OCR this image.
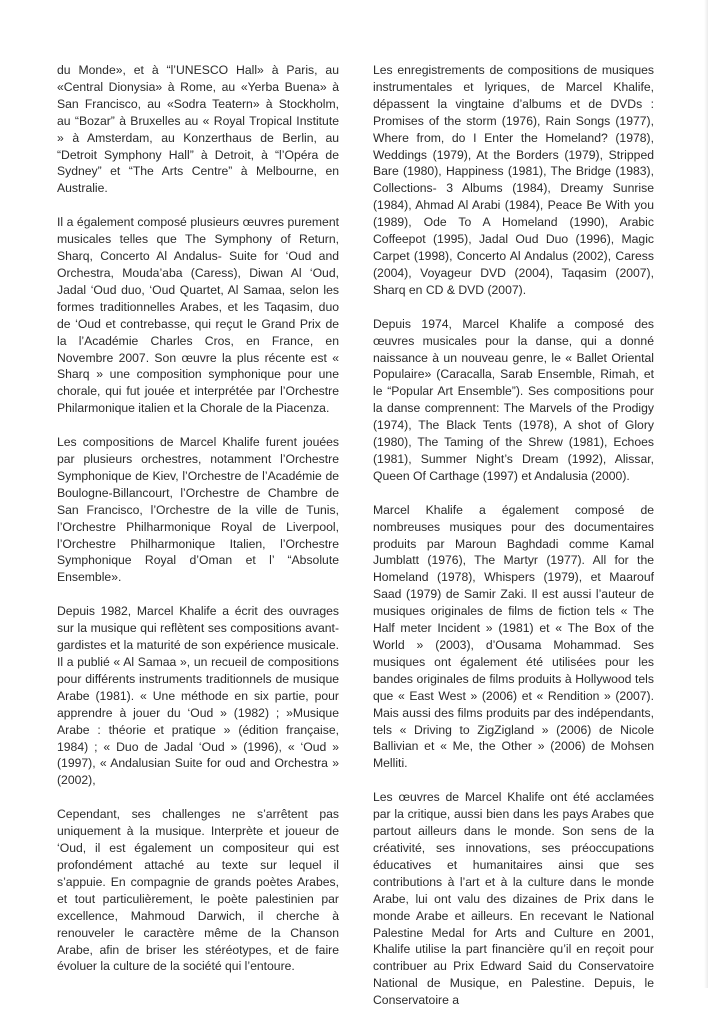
du Monde», et à “l’UNESCO Hall» à Paris, au «Central Dionysia» à Rome, au «Yerba Buena» à San Francisco, au «Sodra Teatern» à Stockholm, au “Bozar” à Bruxelles au « Royal Tropical Institute » à Amsterdam, au Konzerthaus de Berlin, au “Detroit Symphony Hall” à Detroit, à “l’Opéra de Sydney” et “The Arts Centre” à Melbourne, en Australie.

Il a également composé plusieurs œuvres purement musicales telles que The Symphony of Return, Sharq, Concerto Al Andalus- Suite for ‘Oud and Orchestra, Mouda’aba (Caress), Diwan Al ‘Oud, Jadal ‘Oud duo, ‘Oud Quartet, Al Samaa, selon les formes traditionnelles Arabes, et les Taqasim, duo de ‘Oud et contrebasse, qui reçut le Grand Prix de la l’Académie Charles Cros, en France, en Novembre 2007. Son œuvre la plus récente est « Sharq » une composition symphonique pour une chorale, qui fut jouée et interprétée par l’Orchestre Philarmonique italien et la Chorale de la Piacenza.

Les compositions de Marcel Khalife furent jouées par plusieurs orchestres, notamment l’Orchestre Symphonique de Kiev, l’Orchestre de l’Académie de Boulogne-Billancourt, l’Orchestre de Chambre de San Francisco, l’Orchestre de la ville de Tunis, l’Orchestre Philharmonique Royal de Liverpool, l’Orchestre Philharmonique Italien, l’Orchestre Symphonique Royal d’Oman et l’ “Absolute Ensemble».

Depuis 1982, Marcel Khalife a écrit des ouvrages sur la musique qui reflètent ses compositions avant-gardistes et la maturité de son expérience musicale. Il a publié « Al Samaa », un recueil de compositions pour différents instruments traditionnels de musique Arabe (1981). « Une méthode en six partie, pour apprendre à jouer du ‘Oud » (1982) ; »Musique Arabe : théorie et pratique » (édition française, 1984) ; « Duo de Jadal ‘Oud » (1996), « ‘Oud » (1997), « Andalusian Suite for oud and Orchestra » (2002),

Cependant, ses challenges ne s’arrêtent pas uniquement à la musique. Interprète et joueur de ‘Oud, il est également un compositeur qui est profondément attaché au texte sur lequel il s’appuie. En compagnie de grands poètes Arabes, et tout particulièrement, le poète palestinien par excellence, Mahmoud Darwich, il cherche à renouveler le caractère même de la Chanson Arabe, afin de briser les stéréotypes, et de faire évoluer la culture de la société qui l’entoure.

Les enregistrements de compositions de musiques instrumentales et lyriques, de Marcel Khalife, dépassent la vingtaine d’albums et de DVDs : Promises of the storm (1976), Rain Songs (1977), Where from, do I Enter the Homeland? (1978), Weddings (1979), At the Borders (1979), Stripped Bare (1980), Happiness (1981), The Bridge (1983), Collections- 3 Albums (1984), Dreamy Sunrise (1984), Ahmad Al Arabi (1984), Peace Be With you (1989), Ode To A Homeland (1990), Arabic Coffeepot (1995), Jadal Oud Duo (1996), Magic Carpet (1998), Concerto Al Andalus (2002), Caress (2004), Voyageur DVD (2004), Taqasim (2007), Sharq en CD & DVD (2007).

Depuis 1974, Marcel Khalife a composé des œuvres musicales pour la danse, qui a donné naissance à un nouveau genre, le « Ballet Oriental Populaire» (Caracalla, Sarab Ensemble, Rimah, et le “Popular Art Ensemble”). Ses compositions pour la danse comprennent: The Marvels of the Prodigy (1974), The Black Tents (1978), A shot of Glory (1980), The Taming of the Shrew (1981), Echoes (1981), Summer Night’s Dream (1992), Alissar, Queen Of Carthage (1997) et Andalusia (2000).

Marcel Khalife a également composé de nombreuses musiques pour des documentaires produits par Maroun Baghdadi comme Kamal Jumblatt (1976), The Martyr (1977). All for the Homeland (1978), Whispers (1979), et Maarouf Saad (1979) de Samir Zaki. Il est aussi l’auteur de musiques originales de films de fiction tels « The Half meter Incident » (1981) et « The Box of the World » (2003), d’Ousama Mohammad. Ses musiques ont également été utilisées pour les bandes originales de films produits à Hollywood tels que « East West » (2006) et « Rendition » (2007). Mais aussi des films produits par des indépendants, tels « Driving to ZigZigland » (2006) de Nicole Ballivian et « Me, the Other » (2006) de Mohsen Melliti.

Les œuvres de Marcel Khalife ont été acclamées par la critique, aussi bien dans les pays Arabes que partout ailleurs dans le monde. Son sens de la créativité, ses innovations, ses préoccupations éducatives et humanitaires ainsi que ses contributions à l’art et à la culture dans le monde Arabe, lui ont valu des dizaines de Prix dans le monde Arabe et ailleurs. En recevant le National Palestine Medal for Arts and Culture en 2001, Khalife utilise la part financière qu’il en reçoit pour contribuer au Prix Edward Said du Conservatoire National de Musique, en Palestine. Depuis, le Conservatoire a
